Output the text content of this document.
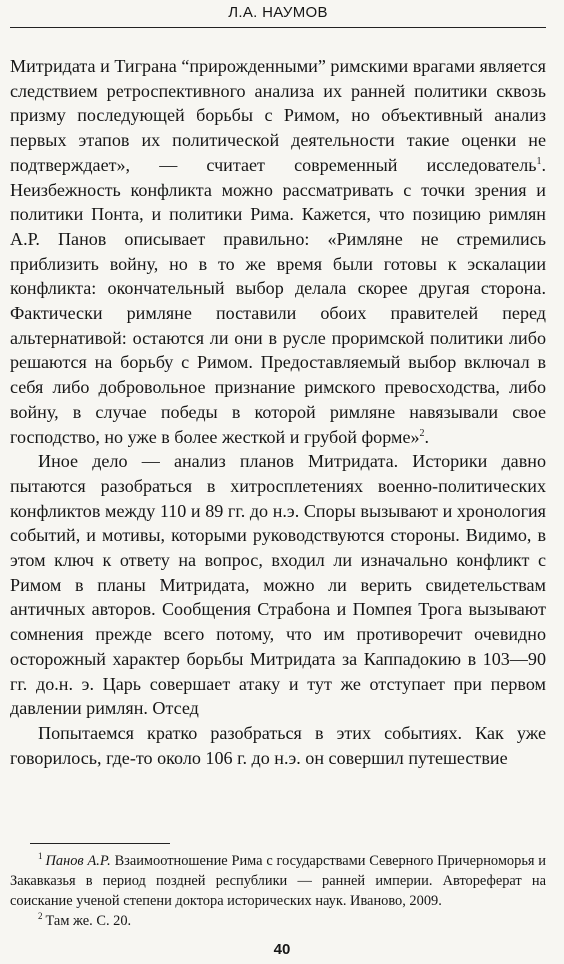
Л.А. НАУМОВ

Митридата и Тиграна “прирожденными” римскими врагами является следствием ретроспективного анализа их ранней политики сквозь призму последующей борьбы с Римом, но объективный анализ первых этапов их политической деятельности такие оценки не подтверждает», — считает современный исследователь$^1$. Неизбежность конфликта можно рассматривать с точки зрения и политики Понта, и политики Рима. Кажется, что позицию римлян А.Р. Панов описывает правильно: «Римляне не стремились приблизить войну, но в то же время были готовы к эскалации конфликта: окончательный выбор делала скорее другая сторона. Фактически римляне поставили обоих правителей перед альтернативой: остаются ли они в русле проримской политики либо решаются на борьбу с Римом. Предоставляемый выбор включал в себя либо добровольное признание римского превосходства, либо войну, в случае победы в которой римляне навязывали свое господство, но уже в более жесткой и грубой форме»$^2$.

Иное дело — анализ планов Митридата. Историки давно пытаются разобраться в хитросплетениях военно-политических конфликтов между 110 и 89 гг. до н.э. Споры вызывают и хронология событий, и мотивы, которыми руководствуются стороны. Видимо, в этом ключ к ответу на вопрос, входил ли изначально конфликт с Римом в планы Митридата, можно ли верить свидетельствам античных авторов. Сообщения Страбона и Помпея Трога вызывают сомнения прежде всего потому, что им противоречит очевидно осторожный характер борьбы Митридата за Каппадокию в 103—90 гг. до.н. э. Царь совершает атаку и тут же отступает при первом давлении римлян. Отсед

Попытаемся кратко разобраться в этих событиях. Как уже говорилось, где-то около 106 г. до н.э. он совершил путешествие

$^1$ Панов А.Р. Взаимоотношение Рима с государствами Северного Причерноморья и Закавказья в период поздней республики — ранней империи. Автореферат на соискание ученой степени доктора исторических наук. Иваново, 2009.

$^2$ Там же. С. 20.

40
